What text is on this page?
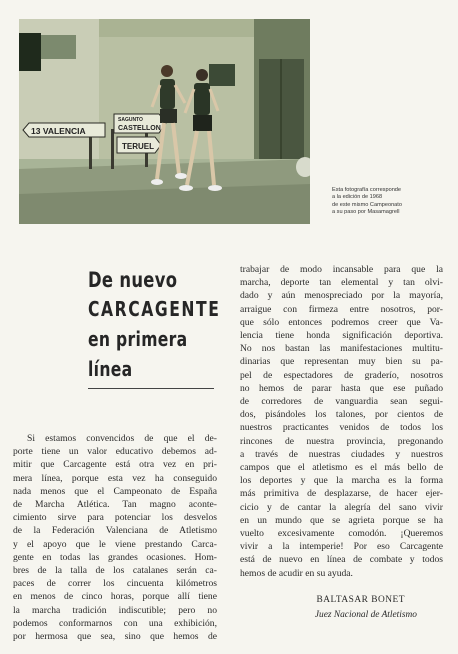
13 VALENCIA
SAGUNTO
CASTELLON
TERUEL
Esta fotografía corresponde
a la edición de 1968
de este mismo Campeonato
a su paso por Masamagrell
De nuevo
CARCAGENTE
en primera
línea
Si estamos convencidos de que el de-
porte tiene un valor educativo debemos ad-
mitir que Carcagente está otra vez en pri-
mera línea, porque esta vez ha conseguido
nada menos que el Campeonato de España
de Marcha Atlética. Tan magno aconte-
cimiento sirve para potenciar los desvelos
de la Federación Valenciana de Atletismo
y el apoyo que le viene prestando Carca-
gente en todas las grandes ocasiones. Hom-
bres de la talla de los catalanes serán ca-
paces de correr los cincuenta kilómetros
en menos de cinco horas, porque allí tiene
la marcha tradición indiscutible; pero no
podemos conformarnos con una exhibición,
por hermosa que sea, sino que hemos de
trabajar de modo incansable para que la
marcha, deporte tan elemental y tan olvi-
dado y aún menospreciado por la mayoría,
arraigue con firmeza entre nosotros, por-
que sólo entonces podremos creer que Va-
lencia tiene honda significación deportiva.
No nos bastan las manifestaciones multitu-
dinarias que representan muy bien su pa-
pel de espectadores de graderío, nosotros
no hemos de parar hasta que ese puñado
de corredores de vanguardia sean segui-
dos, pisándoles los talones, por cientos de
nuestros practicantes venidos de todos los
rincones de nuestra provincia, pregonando
a través de nuestras ciudades y nuestros
campos que el atletismo es el más bello de
los deportes y que la marcha es la forma
más primitiva de desplazarse, de hacer ejer-
cicio y de cantar la alegría del sano vivir
en un mundo que se agrieta porque se ha
vuelto excesivamente comodón. ¡Queremos
vivir a la intemperie! Por eso Carcagente
está de nuevo en línea de combate y todos
hemos de acudir en su ayuda.
BALTASAR BONET
Juez Nacional de Atletismo
